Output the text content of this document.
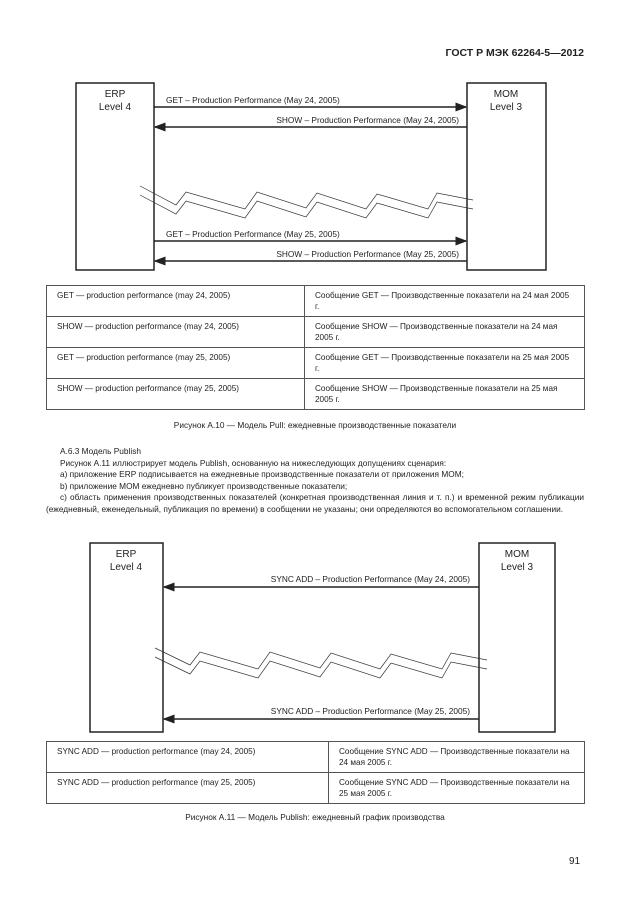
ГОСТ Р МЭК 62264-5—2012
ERP
Level 4
MOM
Level 3
GET – Production Performance (May 24, 2005)
SHOW – Production Performance (May 24, 2005)
GET – Production Performance (May 25, 2005)
SHOW – Production Performance (May 25, 2005)
ERP
Level 4
MOM
Level 3
SYNC ADD – Production Performance (May 24, 2005)
SYNC ADD – Production Performance (May 25, 2005)
GET — production performance (may 24, 2005)	Сообщение GET — Производственные показатели на 24 мая 2005 г.
SHOW — production performance (may 24, 2005)	Сообщение SHOW — Производственные показатели на 24 мая 2005 г.
GET — production performance (may 25, 2005)	Сообщение GET — Производственные показатели на 25 мая 2005 г.
SHOW — production performance (may 25, 2005)	Сообщение SHOW — Производственные показатели на 25 мая 2005 г.
Рисунок А.10 — Модель Pull: ежедневные производственные показатели

А.6.3 Модель Publish

Рисунок А.11 иллюстрирует модель Publish, основанную на нижеследующих допущениях сценария:

a) приложение ERP подписывается на ежедневные производственные показатели от приложения MOM;

b) приложение MOM ежедневно публикует производственные показатели;

c) область применения производственных показателей (конкретная производственная линия и т. п.) и временной режим публикации (ежедневный, еженедельный, публикация по времени) в сообщении не указаны; они определяются во вспомогательном соглашении.

SYNC ADD — production performance (may 24, 2005)	Сообщение SYNC ADD — Производственные показатели на 24 мая 2005 г.
SYNC ADD — production performance (may 25, 2005)	Сообщение SYNC ADD — Производственные показатели на 25 мая 2005 г.
Рисунок А.11 — Модель Publish: ежедневный график производства
91
